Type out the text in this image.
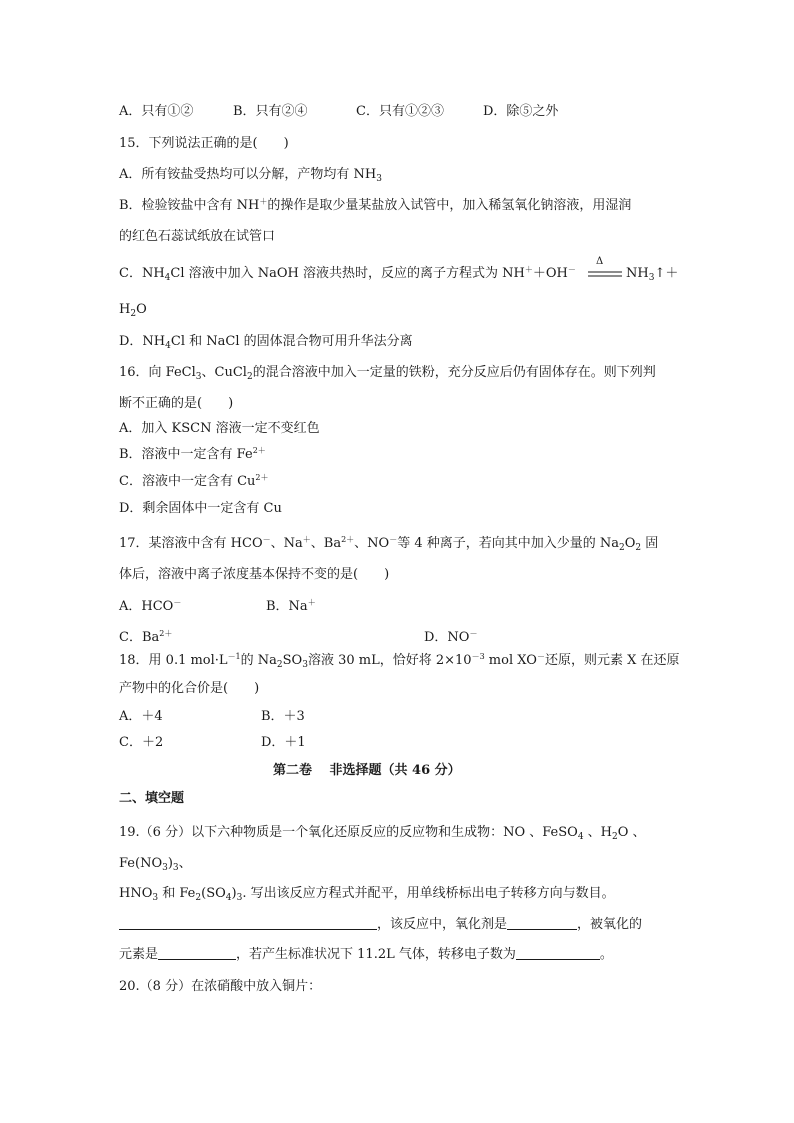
A．只有①②	B．只有②④	C．只有①②③	D．除⑤之外
15．下列说法正确的是(　　)
A．所有铵盐受热均可以分解，产物均有 $NH_3$
B．检验铵盐中含有 NH＋的操作是取少量某盐放入试管中，加入稀氢氧化钠溶液，用湿润
的红色石蕊试纸放在试管口
C．$NH_4Cl$ 溶液中加入 NaOH 溶液共热时，反应的离子方程式为 NH＋＋OH－
Δ
$NH_3↑+$
$H_2O$
D．$NH_4Cl$ 和 NaCl 的固体混合物可用升华法分离
16．向 FeCl$_3$、CuCl$_2$的混合溶液中加入一定量的铁粉，充分反应后仍有固体存在。则下列判
断不正确的是(　　)
A．加入 KSCN 溶液一定不变红色
B．溶液中一定含有 $Fe^{2+}$
C．溶液中一定含有 $Cu^{2+}$
D．剩余固体中一定含有 Cu
17．某溶液中含有 HCO－、Na＋、$Ba^{2+}$、NO－等 4 种离子，若向其中加入少量的 $Na_2O_2$ 固
体后，溶液中离子浓度基本保持不变的是(　　)
A．HCO－	B．Na＋
C．$Ba^{2+}$	D．NO－
18．用 0.1 $mol\cdot L^{-1}$的 $Na_2SO_3$溶液 30 mL，恰好将 $2\times 10^{-3}$ mol XO－还原，则元素 X 在还原
产物中的化合价是(　　)
A．＋4	B．＋3
C．＋2	D．＋1
第二卷　 非选择题（共 46 分）
二、填空题
19.（6 分）以下六种物质是一个氧化还原反应的反应物和生成物：NO 、FeSO$_4$ 、$H_2O$ 、
$Fe(NO_3)_3$、
$HNO_3$ 和 $Fe_2(SO_4)_3$. 写出该反应方程式并配平，用单线桥标出电子转移方向与数目。
，该反应中，氧化剂是	，被氧化的
元素是	，若产生标准状况下 11.2L 气体，转移电子数为	。
20.（8 分）在浓硝酸中放入铜片：
